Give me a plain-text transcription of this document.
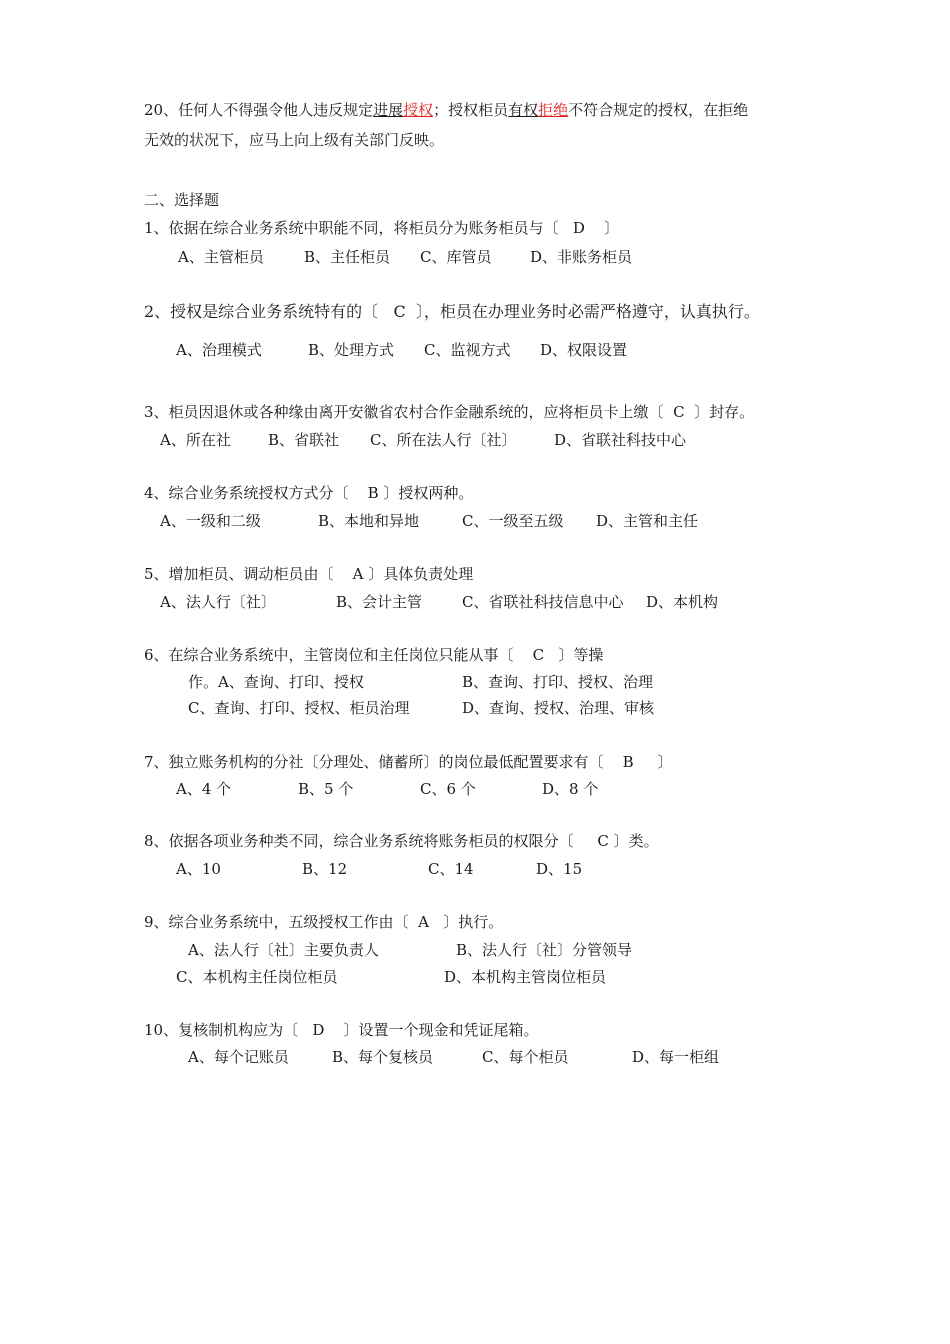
20、任何人不得强令他人违反规定进展授权；授权柜员有权拒绝不符合规定的授权，在拒绝
无效的状况下，应马上向上级有关部门反映。
二、选择题
1、依据在综合业务系统中职能不同，将柜员分为账务柜员与〔   D    〕
A、主管柜员	B、主任柜员 C、库管员	D、非账务柜员
2、授权是综合业务系统特有的〔   C  〕，柜员在办理业务时必需严格遵守，认真执行。
A、治理模式	B、处理方式 C、监视方式 D、权限设置
3、柜员因退休或各种缘由离开安徽省农村合作金融系统的，应将柜员卡上缴〔  C  〕封存。
A、所在社 B、省联社 C、所在法人行〔社〕	D、省联社科技中心
4、综合业务系统授权方式分〔    B 〕授权两种。
A、一级和二级	B、本地和异地	C、一级至五级 D、主管和主任
5、增加柜员、调动柜员由〔    A 〕具体负责处理
A、法人行〔社〕	B、会计主管	C、省联社科技信息中心 D、本机构
6、在综合业务系统中，主管岗位和主任岗位只能从事〔    C   〕等操
作。A、查询、打印、授权	B、查询、打印、授权、治理
C、查询、打印、授权、柜员治理	D、查询、授权、治理、审核
7、独立账务机构的分社〔分理处、储蓄所〕的岗位最低配置要求有〔    B     〕
A、4 个	B、5 个	C、6 个	D、8 个
8、依据各项业务种类不同，综合业务系统将账务柜员的权限分〔     C 〕类。
A、10	B、12	C、14	D、15
9、综合业务系统中，五级授权工作由〔  A   〕执行。
A、法人行〔社〕主要负责人	B、法人行〔社〕分管领导
C、本机构主任岗位柜员	D、本机构主管岗位柜员
10、复核制机构应为〔   D    〕设置一个现金和凭证尾箱。
A、每个记账员	B、每个复核员	C、每个柜员	D、每一柜组
